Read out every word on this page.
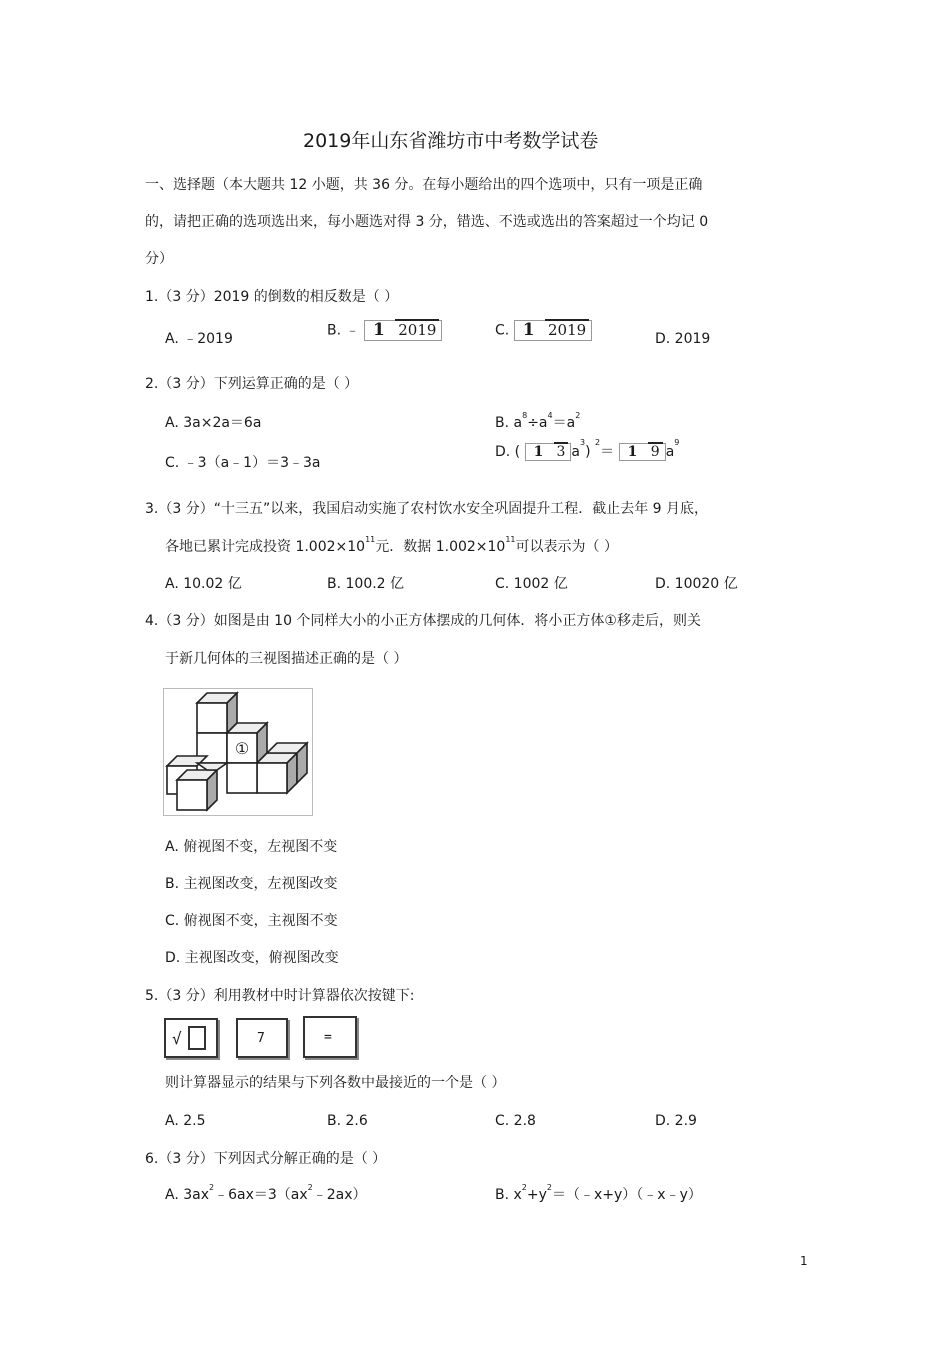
2019年山东省潍坊市中考数学试卷
一、选择题（本大题共 12 小题，共 36 分。在每小题给出的四个选项中，只有一项是正确
的，请把正确的选项选出来，每小题选对得 3 分，错选、不选或选出的答案超过一个均记 0
分）
1.（3 分）2019 的倒数的相反数是（ ）
A. ﹣2019
B. ﹣ 1 2019	C. 1 2019	D. 2019
2.（3 分）下列运算正确的是（ ）
A. 3a×2a＝6a	B. $a^8\div a^4=a^2$
C. ﹣3（a﹣1）＝3﹣3a
D. ( 1 3 $a^3$) $^2$＝ 1 9 $a^9$
3.（3 分）“十三五”以来，我国启动实施了农村饮水安全巩固提升工程．截止去年 9 月底，
各地已累计完成投资 $1.002\times 10^{11}$元．数据 $1.002\times 10^{11}$可以表示为（ ）
A. 10.02 亿	B. 100.2 亿	C. 1002 亿	D. 10020 亿
4.（3 分）如图是由 10 个同样大小的小正方体摆成的几何体．将小正方体①移走后，则关
于新几何体的三视图描述正确的是（ ）
①
A. 俯视图不变，左视图不变
B. 主视图改变，左视图改变
C. 俯视图不变，主视图不变
D. 主视图改变，俯视图改变
5.（3 分）利用教材中时计算器依次按键下:
√	7	=
则计算器显示的结果与下列各数中最接近的一个是（ ）
A. 2.5	B. 2.6	C. 2.8	D. 2.9
6.（3 分）下列因式分解正确的是（ ）
A. $3ax^2﹣6ax=3(ax^2﹣2ax)$	B. $x^2+y^2=(﹣x+y)(﹣x﹣y)$
1
